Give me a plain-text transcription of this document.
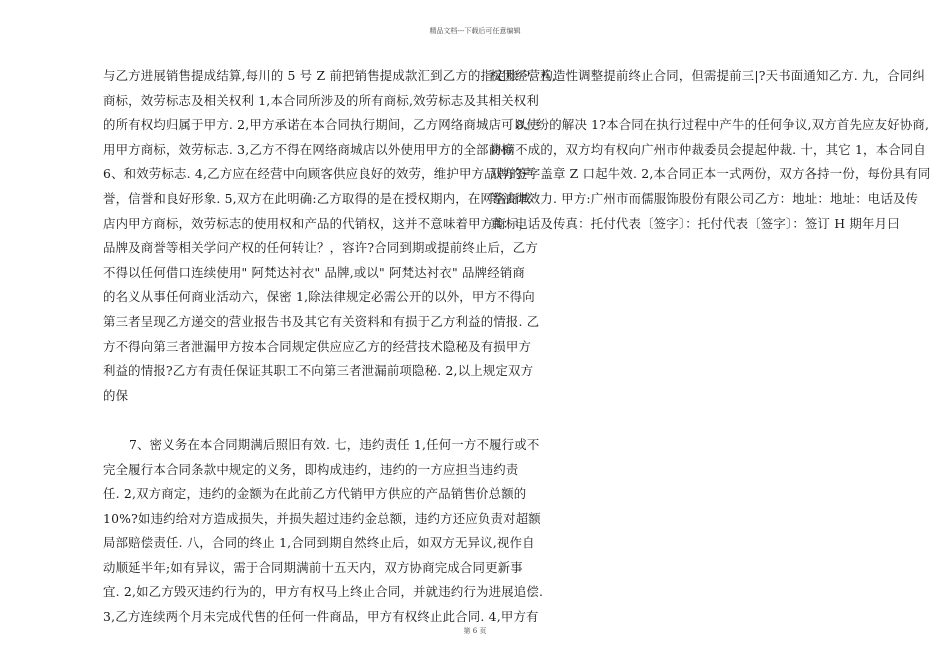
精品文档---下载后可任意编辑
与乙方进展销售提成结算,每川的 5 号 Z 前把销售提成款汇到乙方的指定账户. 五,
商标，效劳标志及相关权利 1,本合同所涉及的所有商标,效劳标志及其相关权利
的所有权均归属于甲方. 2,甲方承诺在本合同执行期间，乙方网络商城店可以使
用甲方商标，效劳标志. 3,乙方不得在网络商城店以外使用甲方的全部商标
6、和效劳标志. 4,乙方应在经营中向顾客供应良好的效劳，维护甲方品牌的声
誉，信誉和良好形象. 5,双方在此明确:乙方取得的是在授权期内，在网络商城
店内甲方商标，效劳标志的使用权和产品的代销权，这并不意味着甲方商标，
品牌及商誉等相关学问产权的任何转让？，容许?合同到期或提前终止后，乙方
不得以任何借口连续使用" 阿梵达衬衣" 品牌,或以" 阿梵达衬衣" 品牌经销商
的名义从事任何商业活动六，保密 1,除法律规定必需公开的以外，甲方不得向
第三者呈现乙方递交的营业报告书及其它有关资料和有损于乙方利益的情报. 乙
方不得向第三者泄漏甲方按本合同规定供应应乙方的经营技术隐秘及有损甲方
利益的情报?乙方有责任保证其职工不向第三者泄漏前项隐秘. 2,以上规定双方
的保
7、密义务在本合同期满后照旧有效. 七，违约责任 1,任何一方不履行或不
完全履行本合同条款中规定的义务，即构成违约，违约的一方应担当违约责
任. 2,双方商定，违约的金额为在此前乙方代销甲方供应的产品销售价总额的
10%?如违约给对方造成损失，并损失超过违约金总额，违约方还应负责对超额
局部赔偿责任. 八，合同的终止 1,合同到期自然终止后，如双方无异议,视作自
动顺延半年;如有异议，需于合同期满前十五天内，双方协商完成合同更新事
宜. 2,如乙方毁灭违约行为的，甲方有权马上终止合同，并就违约行为进展追偿.
3,乙方连续两个月未完成代售的任何一件商品，甲方有权终止此合同. 4,甲方有
权因经营构造性调整提前终止合同，但需提前三|?天书面通知乙方. 九，合同纠
8、纷的解决 1?本合同在执行过程中产牛的任何争议,双方首先应友好协商,
协商不成的，双方均有权向广州市仲裁委员会提起仲裁. 十，其它 1，本合同自
双方签字盖章 Z 口起牛效. 2,本合同正本一式两份，双方各持一份，每份具有同
等法律效力. 甲方:广州市而儒服饰股份有限公司乙方：地址：地址：电话及传
真：电话及传真：托付代表〔签字〕：托付代表〔签字〕：签订 H 期年月曰
第 6 页
